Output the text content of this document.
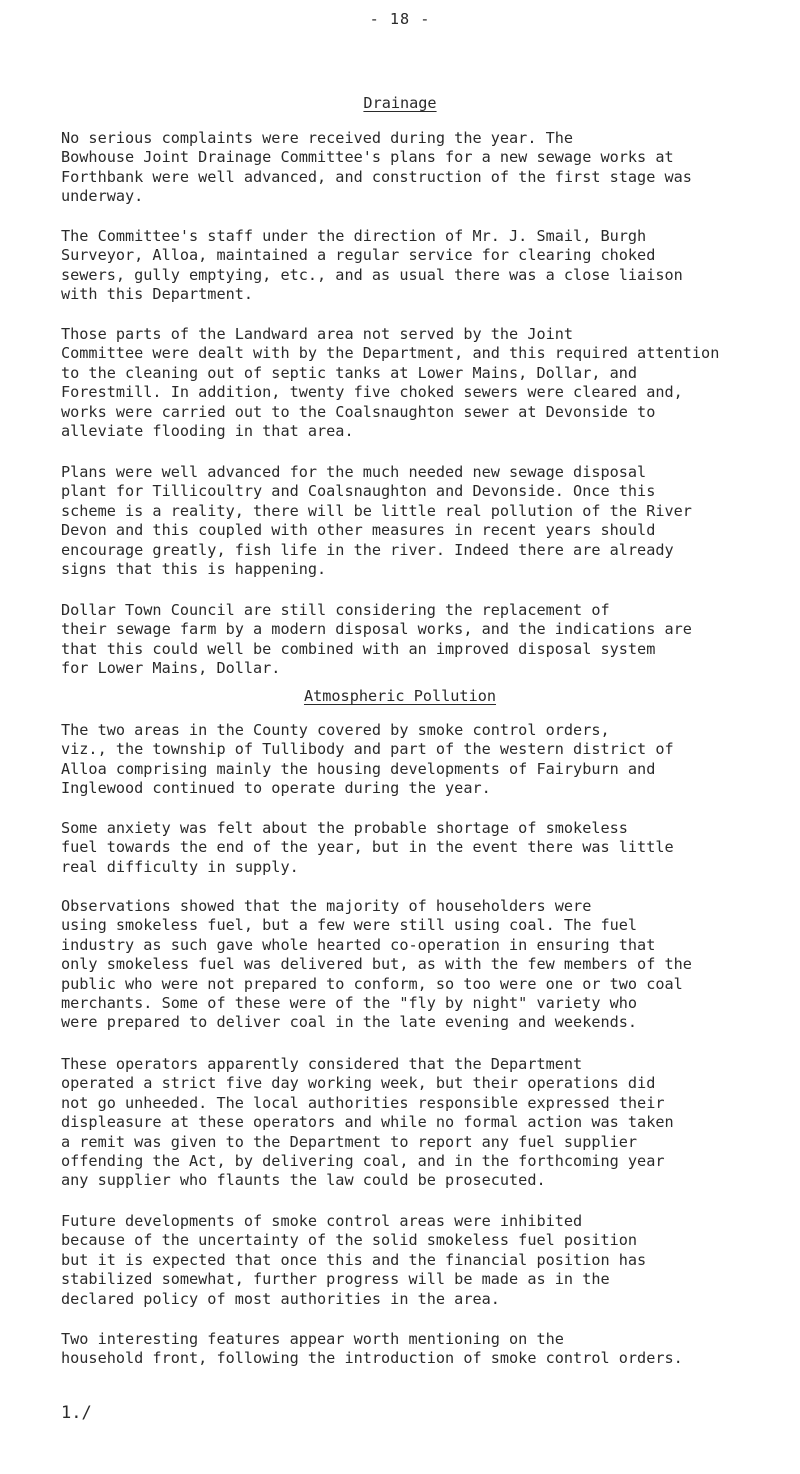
- 18 -
Drainage
No serious complaints were received during the year. The
Bowhouse Joint Drainage Committee's plans for a new sewage works at
Forthbank were well advanced, and construction of the first stage was
underway.
The Committee's staff under the direction of Mr. J. Smail, Burgh
Surveyor, Alloa, maintained a regular service for clearing choked
sewers, gully emptying, etc., and as usual there was a close liaison
with this Department.
Those parts of the Landward area not served by the Joint
Committee were dealt with by the Department, and this required attention
to the cleaning out of septic tanks at Lower Mains, Dollar, and
Forestmill. In addition, twenty five choked sewers were cleared and,
works were carried out to the Coalsnaughton sewer at Devonside to
alleviate flooding in that area.
Plans were well advanced for the much needed new sewage disposal
plant for Tillicoultry and Coalsnaughton and Devonside. Once this
scheme is a reality, there will be little real pollution of the River
Devon and this coupled with other measures in recent years should
encourage greatly, fish life in the river. Indeed there are already
signs that this is happening.
Dollar Town Council are still considering the replacement of
their sewage farm by a modern disposal works, and the indications are
that this could well be combined with an improved disposal system
for Lower Mains, Dollar.
Atmospheric Pollution
The two areas in the County covered by smoke control orders,
viz., the township of Tullibody and part of the western district of
Alloa comprising mainly the housing developments of Fairyburn and
Inglewood continued to operate during the year.
Some anxiety was felt about the probable shortage of smokeless
fuel towards the end of the year, but in the event there was little
real difficulty in supply.
Observations showed that the majority of householders were
using smokeless fuel, but a few were still using coal. The fuel
industry as such gave whole hearted co-operation in ensuring that
only smokeless fuel was delivered but, as with the few members of the
public who were not prepared to conform, so too were one or two coal
merchants. Some of these were of the "fly by night" variety who
were prepared to deliver coal in the late evening and weekends.
These operators apparently considered that the Department
operated a strict five day working week, but their operations did
not go unheeded. The local authorities responsible expressed their
displeasure at these operators and while no formal action was taken
a remit was given to the Department to report any fuel supplier
offending the Act, by delivering coal, and in the forthcoming year
any supplier who flaunts the law could be prosecuted.
Future developments of smoke control areas were inhibited
because of the uncertainty of the solid smokeless fuel position
but it is expected that once this and the financial position has
stabilized somewhat, further progress will be made as in the
declared policy of most authorities in the area.
Two interesting features appear worth mentioning on the
household front, following the introduction of smoke control orders.
1./
